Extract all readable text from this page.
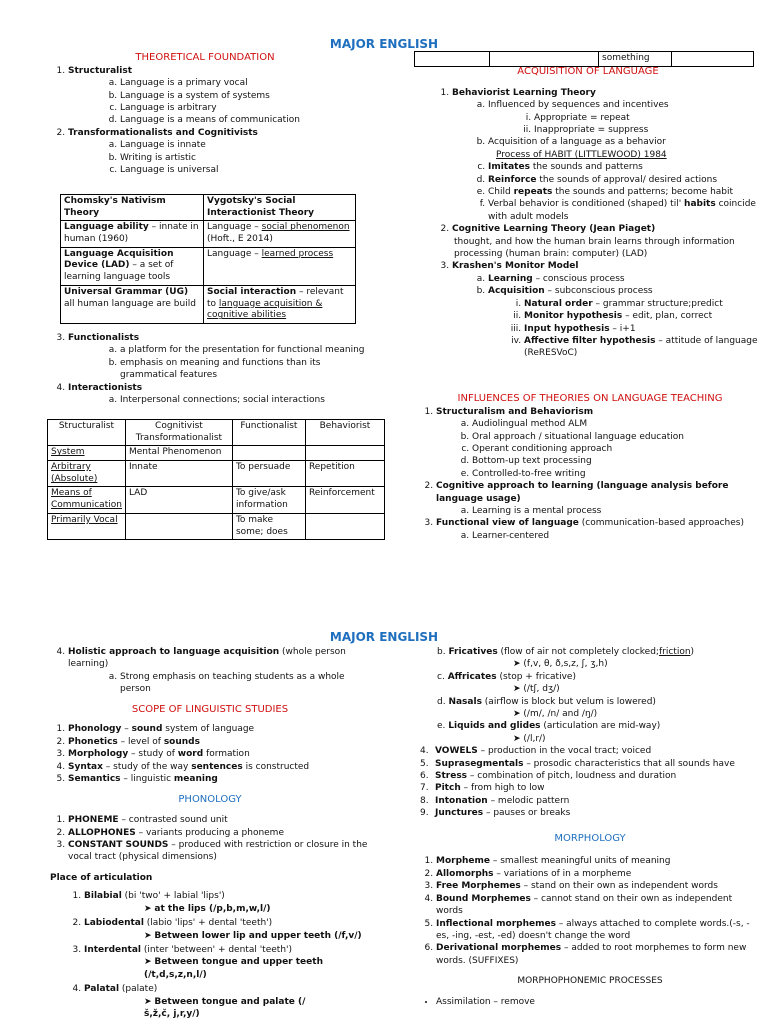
MAJOR ENGLISH
THEORETICAL FOUNDATION
1. Structuralist
a. Language is a primary vocal
b. Language is a system of systems
c. Language is arbitrary
d. Language is a means of communication
2. Transformationalists and Cognitivists
a. Language is innate
b. Writing is artistic
c. Language is universal
Chomsky's Nativism Theory	Vygotsky's Social Interactionist Theory
Language ability – innate in human (1960)	Language – social phenomenon (Hoft., E 2014)
Language Acquisition Device (LAD) – a set of learning language tools	Language – learned process
Universal Grammar (UG) all human language are build	Social interaction – relevant to language acquisition & cognitive abilities
3. Functionalists
a. a platform for the presentation for functional meaning
b. emphasis on meaning and functions than its grammatical features
4. Interactionists
a. Interpersonal connections; social interactions
Structuralist	Cognitivist Transformationalist	Functionalist	Behaviorist
System	Mental Phenomenon		
Arbitrary (Absolute)	Innate	To persuade	Repetition
Means of Communication	LAD	To give/ask information	Reinforcement
Primarily Vocal		To make some; does	
		something	
ACQUISITION OF LANGUAGE
1. Behaviorist Learning Theory
a. Influenced by sequences and incentives
i. Appropriate = repeat
ii. Inappropriate = suppress
b. Acquisition of a language as a behavior
Process of HABIT (LITTLEWOOD) 1984
c. Imitates the sounds and patterns
d. Reinforce the sounds of approval/ desired actions
e. Child repeats the sounds and patterns; become habit
f. Verbal behavior is conditioned (shaped) til' habits coincide with adult models
2. Cognitive Learning Theory (Jean Piaget)
thought, and how the human brain learns through information processing (human brain: computer) (LAD)
3. Krashen's Monitor Model
a. Learning – conscious process
b. Acquisition – subconscious process
i. Natural order – grammar structure;predict
ii. Monitor hypothesis – edit, plan, correct
iii. Input hypothesis – i+1
iv. Affective filter hypothesis – attitude of language (ReRESVoC)
INFLUENCES OF THEORIES ON LANGUAGE TEACHING
1. Structuralism and Behaviorism
a. Audiolingual method ALM
b. Oral approach / situational language education
c. Operant conditioning approach
d. Bottom-up text processing
e. Controlled-to-free writing
2. Cognitive approach to learning (language analysis before language usage)
a. Learning is a mental process
3. Functional view of language (communication-based approaches)
a. Learner-centered
MAJOR ENGLISH
4. Holistic approach to language acquisition (whole person learning)
a. Strong emphasis on teaching students as a whole person
SCOPE OF LINGUISTIC STUDIES
1. Phonology – sound system of language
2. Phonetics – level of sounds
3. Morphology – study of word formation
4. Syntax – study of the way sentences is constructed
5. Semantics – linguistic meaning
PHONOLOGY
1. PHONEME – contrasted sound unit
2. ALLOPHONES – variants producing a phoneme
3. CONSTANT SOUNDS – produced with restriction or closure in the vocal tract (physical dimensions)
Place of articulation
1. Bilabial (bi 'two' + labial 'lips')
➤ at the lips (/p,b,m,w,l/)
2. Labiodental (labio 'lips' + dental 'teeth')
➤ Between lower lip and upper teeth (/f,v/)
3. Interdental (inter 'between' + dental 'teeth')
➤ Between tongue and upper teeth (/t,d,s,z,n,l/)
4. Palatal (palate)
➤ Between tongue and palate (/š,ž,č, j,r,y/)
b. Fricatives (flow of air not completely clocked;friction)
➤ (f,v, θ, ð,s,z, ʃ, ʒ,h)
c. Affricates (stop + fricative)
➤ (/tʃ, dʒ/)
d. Nasals (airflow is block but velum is lowered)
➤ (/m/, /n/ and /ŋ/)
e. Liquids and glides (articulation are mid-way)
➤ (/l,r/)
4. VOWELS – production in the vocal tract; voiced
5. Suprasegmentals – prosodic characteristics that all sounds have
6. Stress – combination of pitch, loudness and duration
7. Pitch – from high to low
8. Intonation – melodic pattern
9. Junctures – pauses or breaks
MORPHOLOGY
1. Morpheme – smallest meaningful units of meaning
2. Allomorphs – variations of in a morpheme
3. Free Morphemes – stand on their own as independent words
4. Bound Morphemes – cannot stand on their own as independent words
5. Inflectional morphemes – always attached to complete words.(-s, -es, -ing, -est, -ed) doesn't change the word
6. Derivational morphemes – added to root morphemes to form new words. (SUFFIXES)
MORPHOPHONEMIC PROCESSES
• Assimilation – remove
